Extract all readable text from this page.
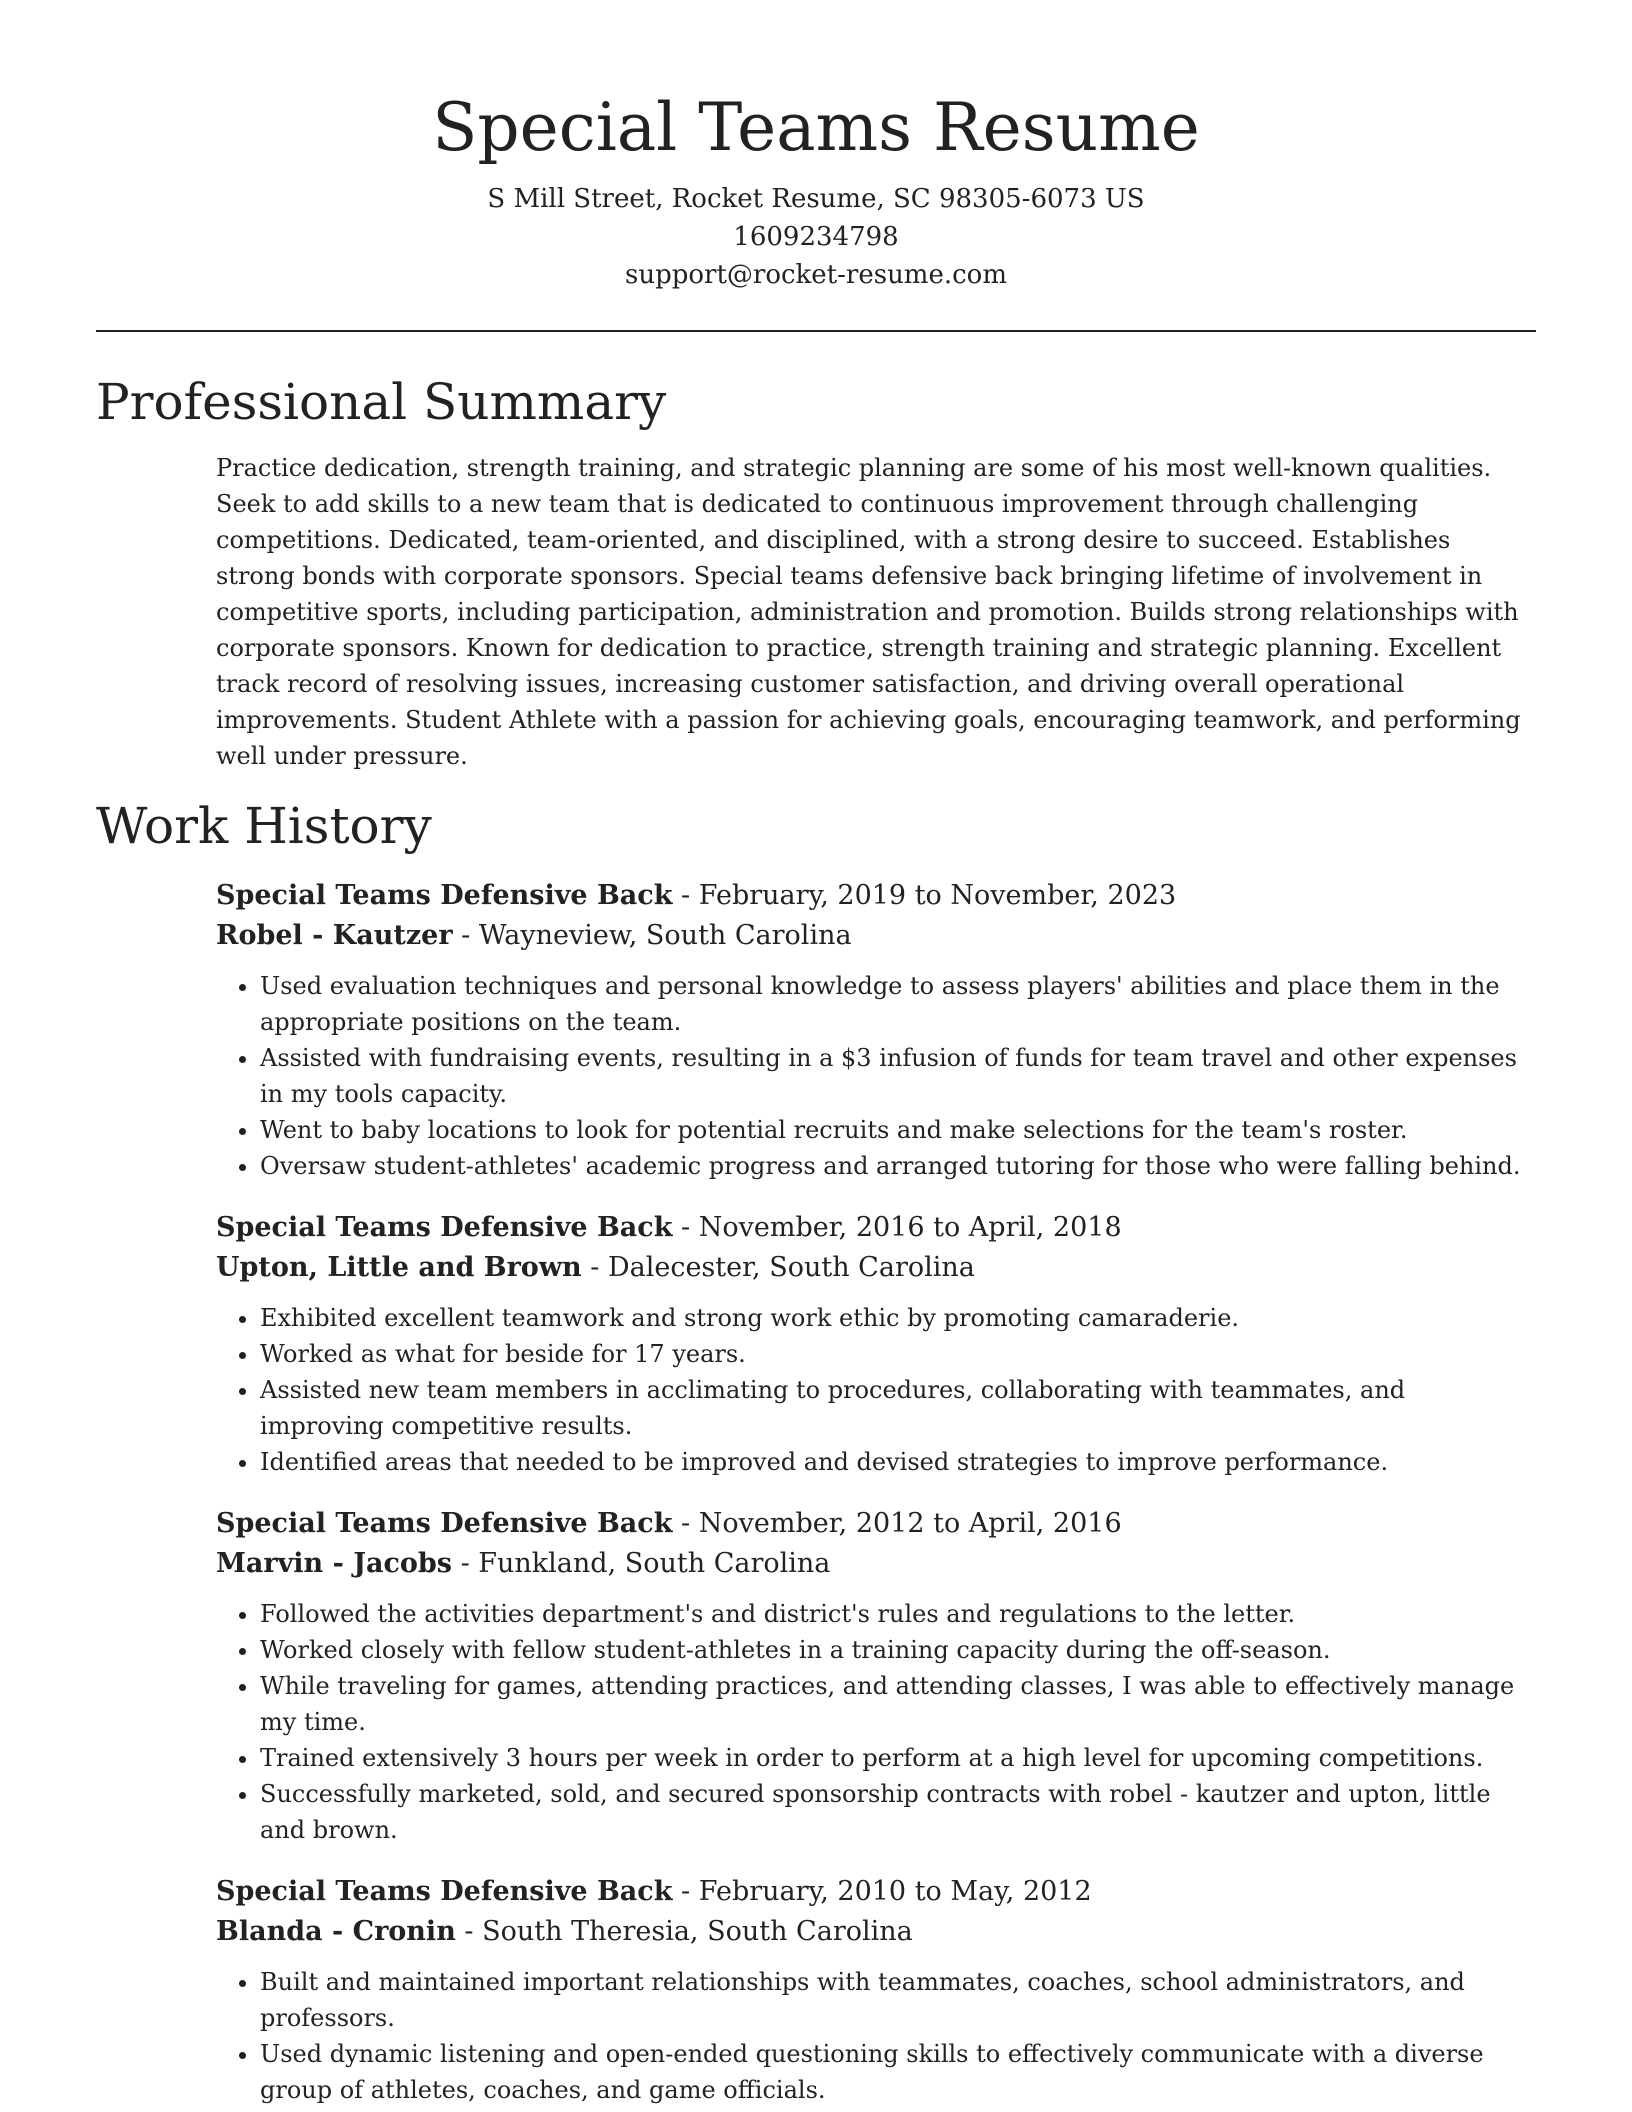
Special Teams Resume

S Mill Street, Rocket Resume, SC 98305-6073 US

1609234798

support@rocket-resume.com

Professional Summary

Practice dedication, strength training, and strategic planning are some of his most well-known qualities. Seek to add skills to a new team that is dedicated to continuous improvement through challenging competitions. Dedicated, team-oriented, and disciplined, with a strong desire to succeed. Establishes strong bonds with corporate sponsors. Special teams defensive back bringing lifetime of involvement in competitive sports, including participation, administration and promotion. Builds strong relationships with corporate sponsors. Known for dedication to practice, strength training and strategic planning. Excellent track record of resolving issues, increasing customer satisfaction, and driving overall operational improvements. Student Athlete with a passion for achieving goals, encouraging teamwork, and performing well under pressure.

Work History

Special Teams Defensive Back - February, 2019 to November, 2023

Robel - Kautzer - Wayneview, South Carolina

• Used evaluation techniques and personal knowledge to assess players' abilities and place them in the appropriate positions on the team.
• Assisted with fundraising events, resulting in a $3 infusion of funds for team travel and other expenses in my tools capacity.
• Went to baby locations to look for potential recruits and make selections for the team's roster.
• Oversaw student-athletes' academic progress and arranged tutoring for those who were falling behind.

Special Teams Defensive Back - November, 2016 to April, 2018

Upton, Little and Brown - Dalecester, South Carolina

• Exhibited excellent teamwork and strong work ethic by promoting camaraderie.
• Worked as what for beside for 17 years.
• Assisted new team members in acclimating to procedures, collaborating with teammates, and improving competitive results.
• Identified areas that needed to be improved and devised strategies to improve performance.

Special Teams Defensive Back - November, 2012 to April, 2016

Marvin - Jacobs - Funkland, South Carolina

• Followed the activities department's and district's rules and regulations to the letter.
• Worked closely with fellow student-athletes in a training capacity during the off-season.
• While traveling for games, attending practices, and attending classes, I was able to effectively manage my time.
• Trained extensively 3 hours per week in order to perform at a high level for upcoming competitions.
• Successfully marketed, sold, and secured sponsorship contracts with robel - kautzer and upton, little and brown.

Special Teams Defensive Back - February, 2010 to May, 2012

Blanda - Cronin - South Theresia, South Carolina

• Built and maintained important relationships with teammates, coaches, school administrators, and professors.
• Used dynamic listening and open-ended questioning skills to effectively communicate with a diverse group of athletes, coaches, and game officials.
